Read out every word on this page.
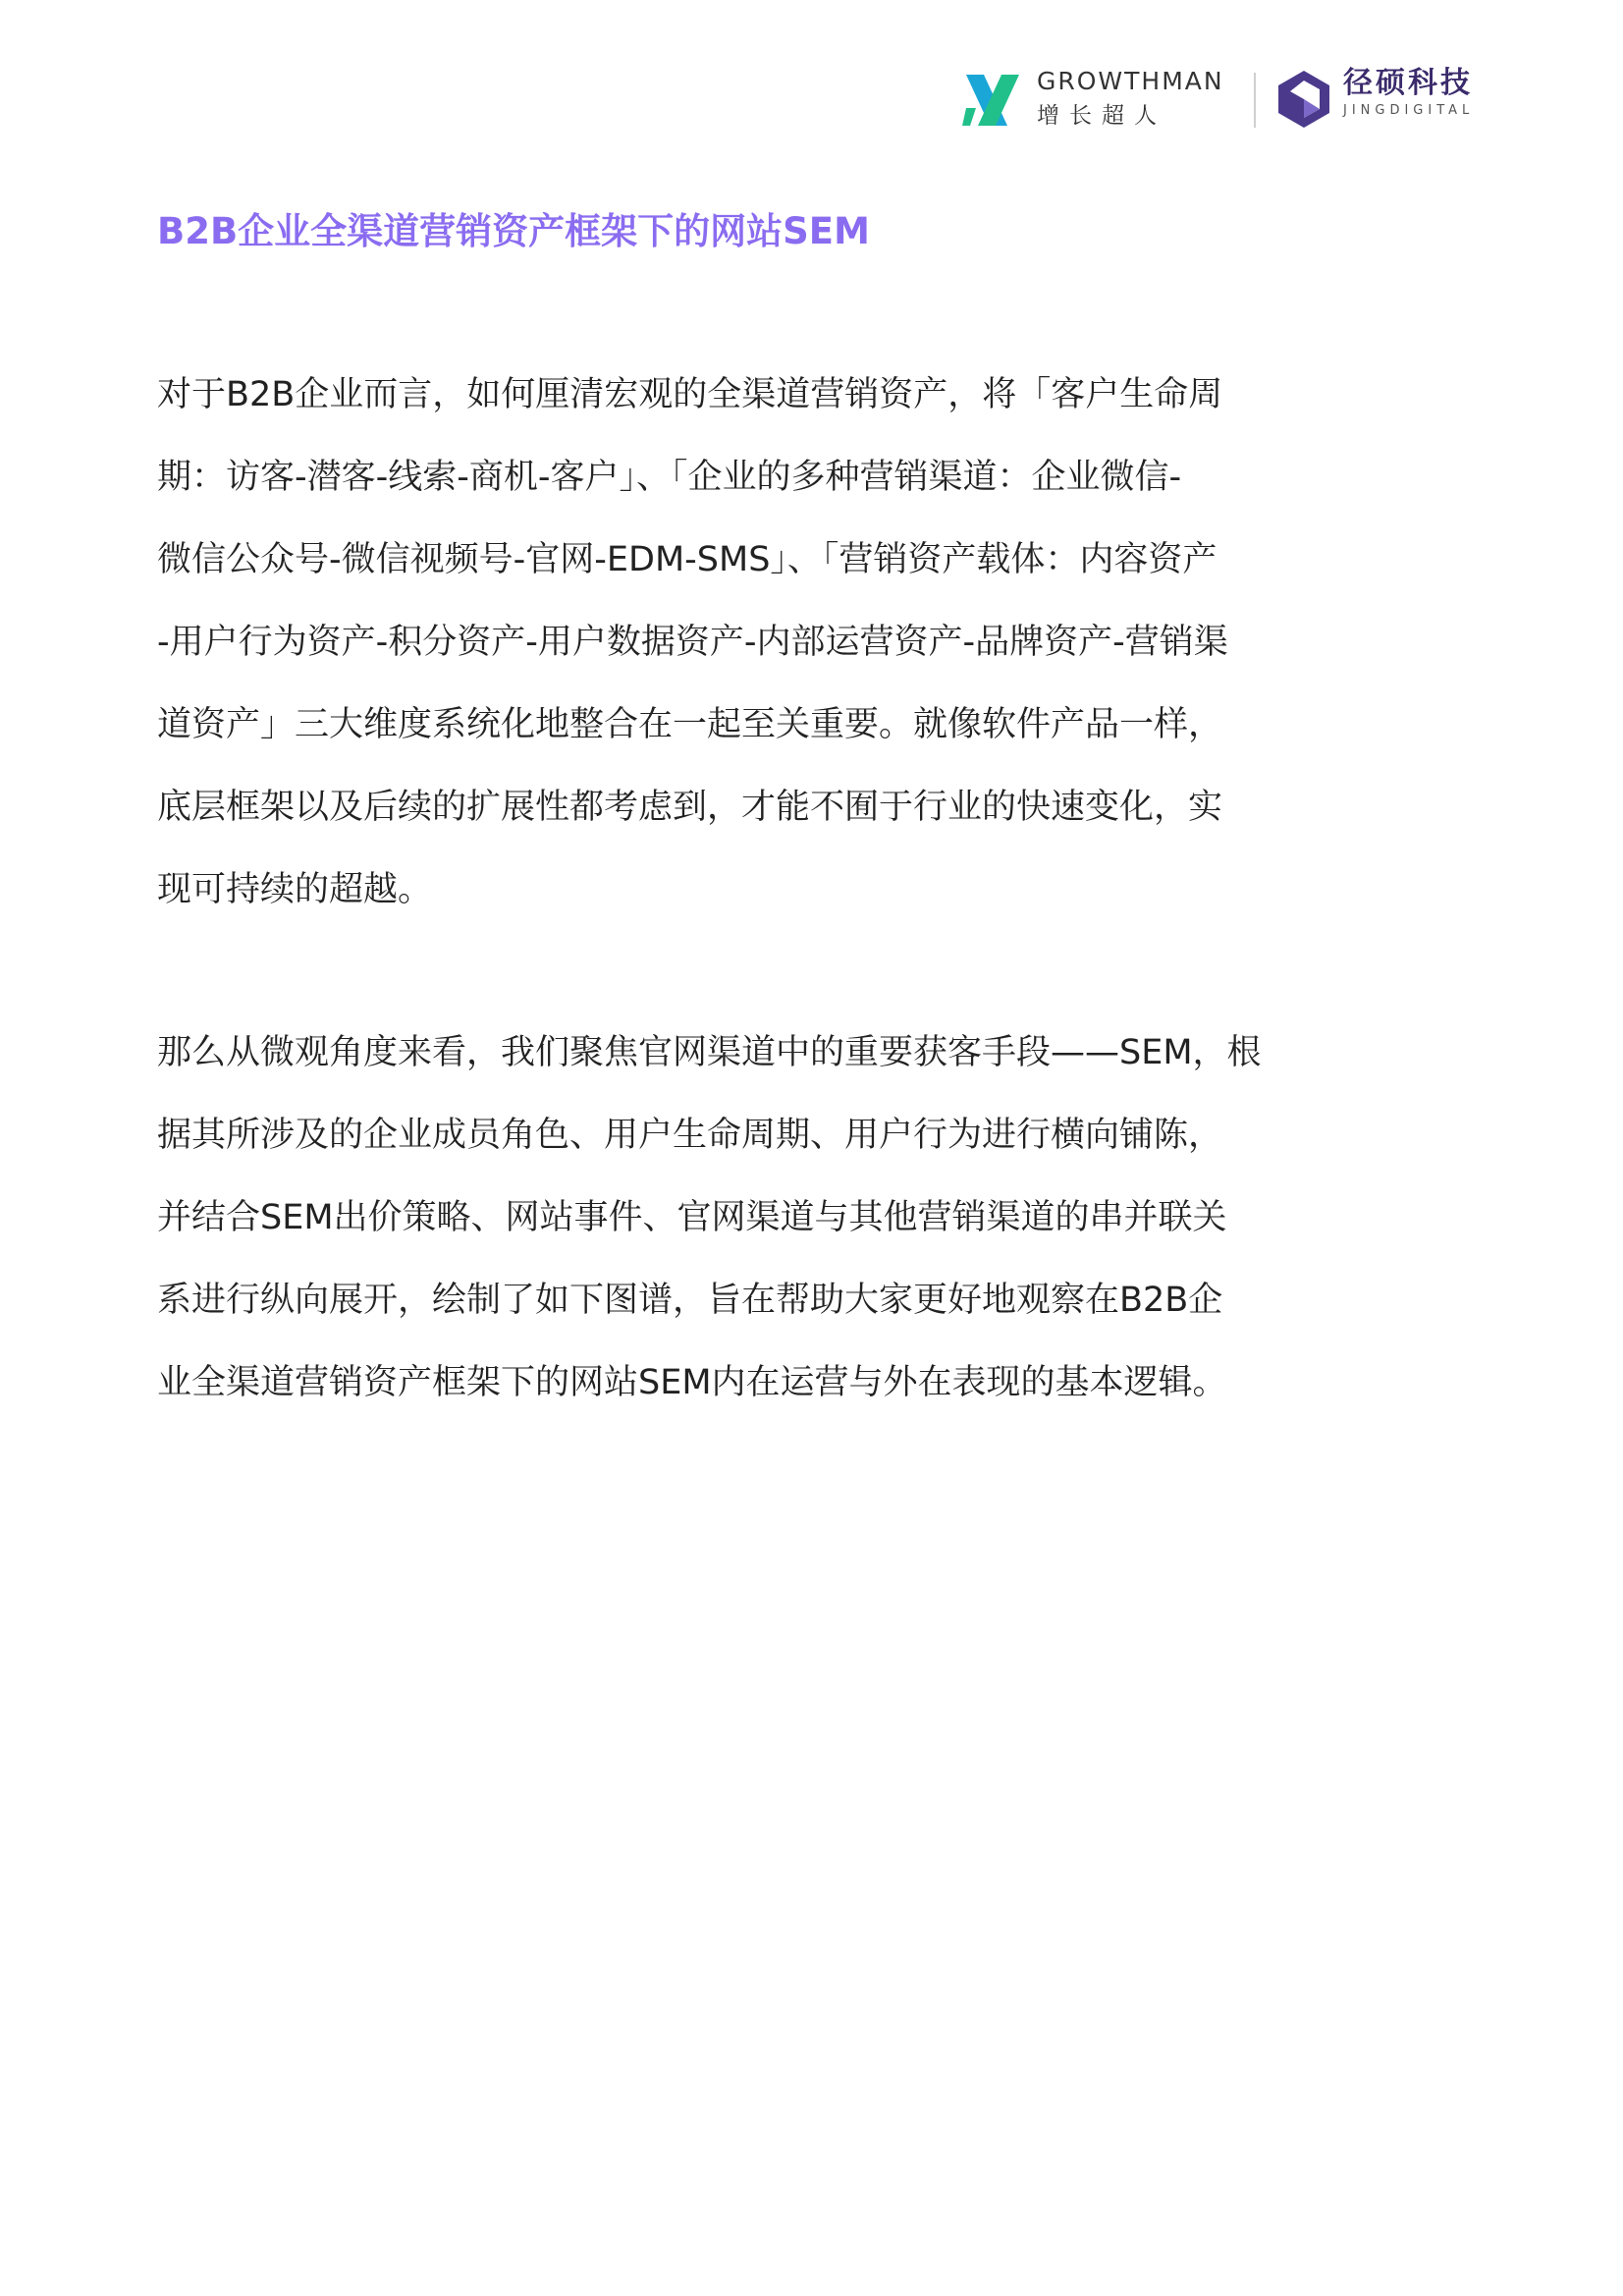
GROWTHMAN
增长超人
径硕科技
JINGDIGITAL
B2B企业全渠道营销资产框架下的网站SEM

对于B2B企业而言，如何厘清宏观的全渠道营销资产，将「客户生命周
期：访客-潜客-线索-商机-客户」、「企业的多种营销渠道：企业微信-
微信公众号-微信视频号-官网-EDM-SMS」、「营销资产载体：内容资产
-用户行为资产-积分资产-用户数据资产-内部运营资产-品牌资产-营销渠
道资产」三大维度系统化地整合在一起至关重要。就像软件产品一样，
底层框架以及后续的扩展性都考虑到，才能不囿于行业的快速变化，实
现可持续的超越。

那么从微观角度来看，我们聚焦官网渠道中的重要获客手段——SEM，根
据其所涉及的企业成员角色、用户生命周期、用户行为进行横向铺陈，
并结合SEM出价策略、网站事件、官网渠道与其他营销渠道的串并联关
系进行纵向展开，绘制了如下图谱，旨在帮助大家更好地观察在B2B企
业全渠道营销资产框架下的网站SEM内在运营与外在表现的基本逻辑。
